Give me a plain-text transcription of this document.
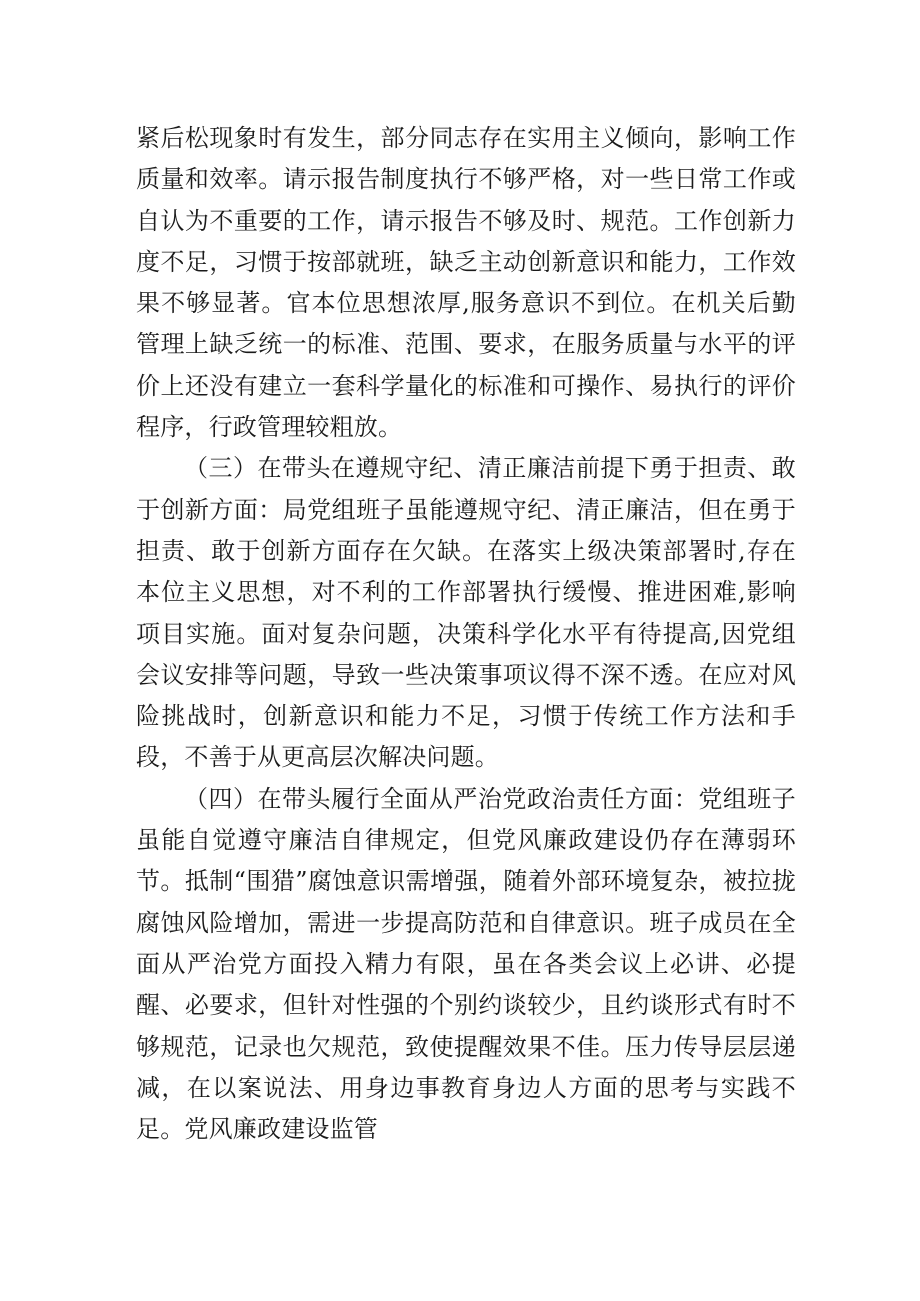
紧后松现象时有发生，部分同志存在实用主义倾向，影响工作质量和效率。请示报告制度执行不够严格，对一些日常工作或自认为不重要的工作，请示报告不够及时、规范。工作创新力度不足，习惯于按部就班，缺乏主动创新意识和能力，工作效果不够显著。官本位思想浓厚,服务意识不到位。在机关后勤管理上缺乏统一的标准、范围、要求，在服务质量与水平的评价上还没有建立一套科学量化的标准和可操作、易执行的评价程序，行政管理较粗放。

（三）在带头在遵规守纪、清正廉洁前提下勇于担责、敢于创新方面：局党组班子虽能遵规守纪、清正廉洁，但在勇于担责、敢于创新方面存在欠缺。在落实上级决策部署时,存在本位主义思想，对不利的工作部署执行缓慢、推进困难,影响项目实施。面对复杂问题，决策科学化水平有待提高,因党组会议安排等问题，导致一些决策事项议得不深不透。在应对风险挑战时，创新意识和能力不足，习惯于传统工作方法和手段，不善于从更高层次解决问题。

（四）在带头履行全面从严治党政治责任方面：党组班子虽能自觉遵守廉洁自律规定，但党风廉政建设仍存在薄弱环节。抵制“围猎”腐蚀意识需增强，随着外部环境复杂，被拉拢腐蚀风险增加，需进一步提高防范和自律意识。班子成员在全面从严治党方面投入精力有限，虽在各类会议上必讲、必提醒、必要求，但针对性强的个别约谈较少，且约谈形式有时不够规范，记录也欠规范，致使提醒效果不佳。压力传导层层递减，在以案说法、用身边事教育身边人方面的思考与实践不足。党风廉政建设监管
